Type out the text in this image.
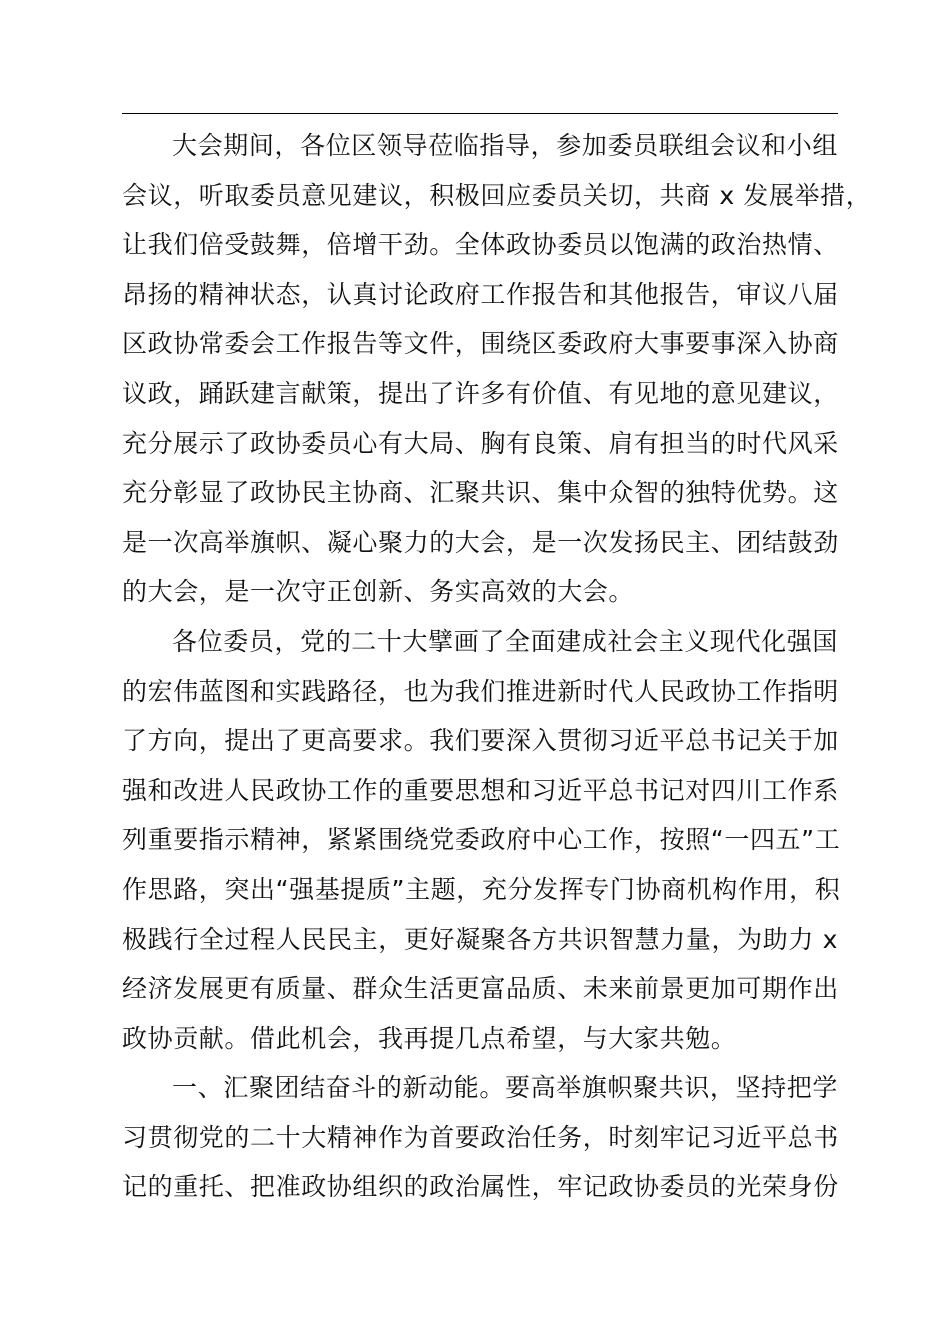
大会期间，各位区领导莅临指导，参加委员联组会议和小组
会议，听取委员意见建议，积极回应委员关切，共商 x 发展举措，
让我们倍受鼓舞，倍增干劲。全体政协委员以饱满的政治热情、
昂扬的精神状态，认真讨论政府工作报告和其他报告，审议八届
区政协常委会工作报告等文件，围绕区委政府大事要事深入协商
议政，踊跃建言献策，提出了许多有价值、有见地的意见建议，
充分展示了政协委员心有大局、胸有良策、肩有担当的时代风采
充分彰显了政协民主协商、汇聚共识、集中众智的独特优势。这
是一次高举旗帜、凝心聚力的大会，是一次发扬民主、团结鼓劲
的大会，是一次守正创新、务实高效的大会。
各位委员，党的二十大擘画了全面建成社会主义现代化强国
的宏伟蓝图和实践路径，也为我们推进新时代人民政协工作指明
了方向，提出了更高要求。我们要深入贯彻习近平总书记关于加
强和改进人民政协工作的重要思想和习近平总书记对四川工作系
列重要指示精神，紧紧围绕党委政府中心工作，按照“一四五”工
作思路，突出“强基提质”主题，充分发挥专门协商机构作用，积
极践行全过程人民民主，更好凝聚各方共识智慧力量，为助力 x
经济发展更有质量、群众生活更富品质、未来前景更加可期作出
政协贡献。借此机会，我再提几点希望，与大家共勉。
一、汇聚团结奋斗的新动能。要高举旗帜聚共识，坚持把学
习贯彻党的二十大精神作为首要政治任务，时刻牢记习近平总书
记的重托、把准政协组织的政治属性，牢记政协委员的光荣身份
